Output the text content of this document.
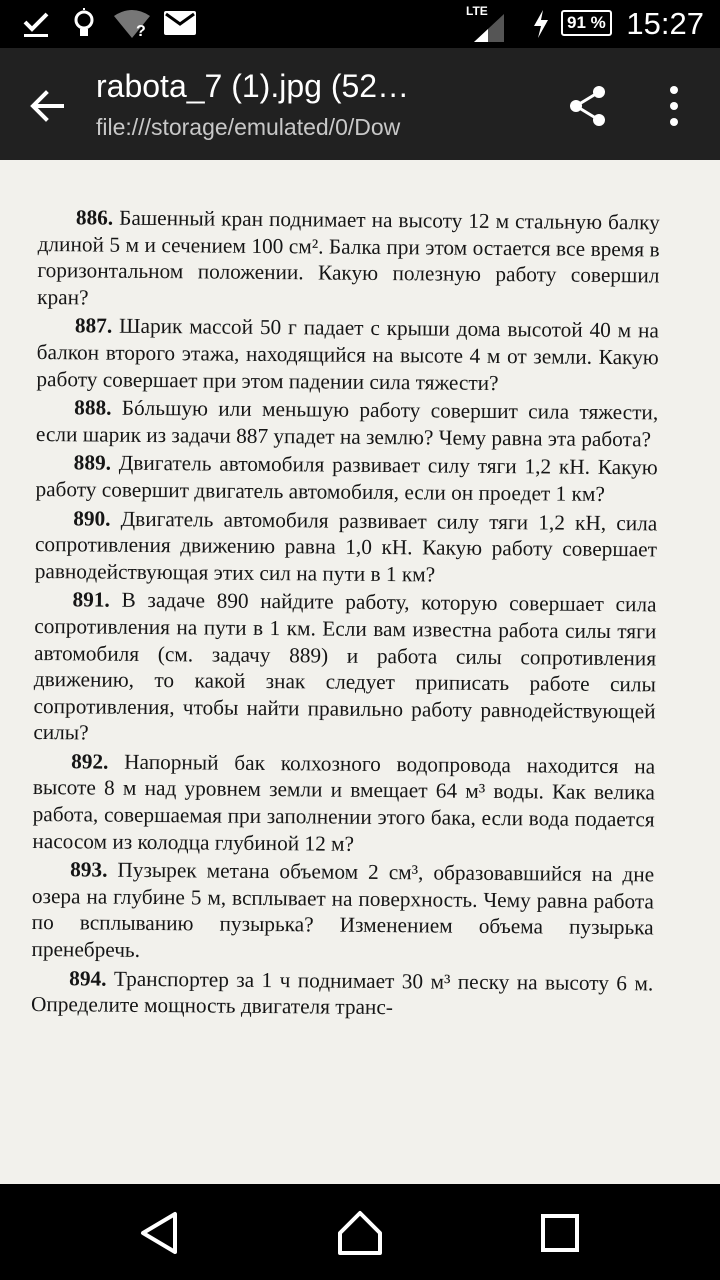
?
LTE
91 % 15:27
rabota_7 (1).jpg (52…
file:///storage/emulated/0/Dow

886. Башенный кран поднимает на высоту 12 м стальную балку длиной 5 м и сечением 100 см². Балка при этом остается все время в горизонтальном положении. Какую полезную работу совершил кран?

887. Шарик массой 50 г падает с крыши дома высотой 40 м на балкон второго этажа, находящийся на высоте 4 м от земли. Какую работу совершает при этом падении сила тяжести?

888. Бóльшую или меньшую работу совершит сила тяжести, если шарик из задачи 887 упадет на землю? Чему равна эта работа?

889. Двигатель автомобиля развивает силу тяги 1,2 кН. Какую работу совершит двигатель автомобиля, если он проедет 1 км?

890. Двигатель автомобиля развивает силу тяги 1,2 кН, сила сопротивления движению равна 1,0 кН. Какую работу совершает равнодействующая этих сил на пути в 1 км?

891. В задаче 890 найдите работу, которую совершает сила сопротивления на пути в 1 км. Если вам известна работа силы тяги автомобиля (см. задачу 889) и работа силы сопротивления движению, то какой знак следует приписать работе силы сопротивления, чтобы найти правильно работу равнодействующей силы?

892. Напорный бак колхозного водопровода находится на высоте 8 м над уровнем земли и вмещает 64 м³ воды. Как велика работа, совершаемая при заполнении этого бака, если вода подается насосом из колодца глубиной 12 м?

893. Пузырек метана объемом 2 см³, образовавшийся на дне озера на глубине 5 м, всплывает на поверхность. Чему равна работа по всплыванию пузырька? Изменением объема пузырька пренебречь.

894. Транспортер за 1 ч поднимает 30 м³ песку на высоту 6 м. Определите мощность двигателя транс-
